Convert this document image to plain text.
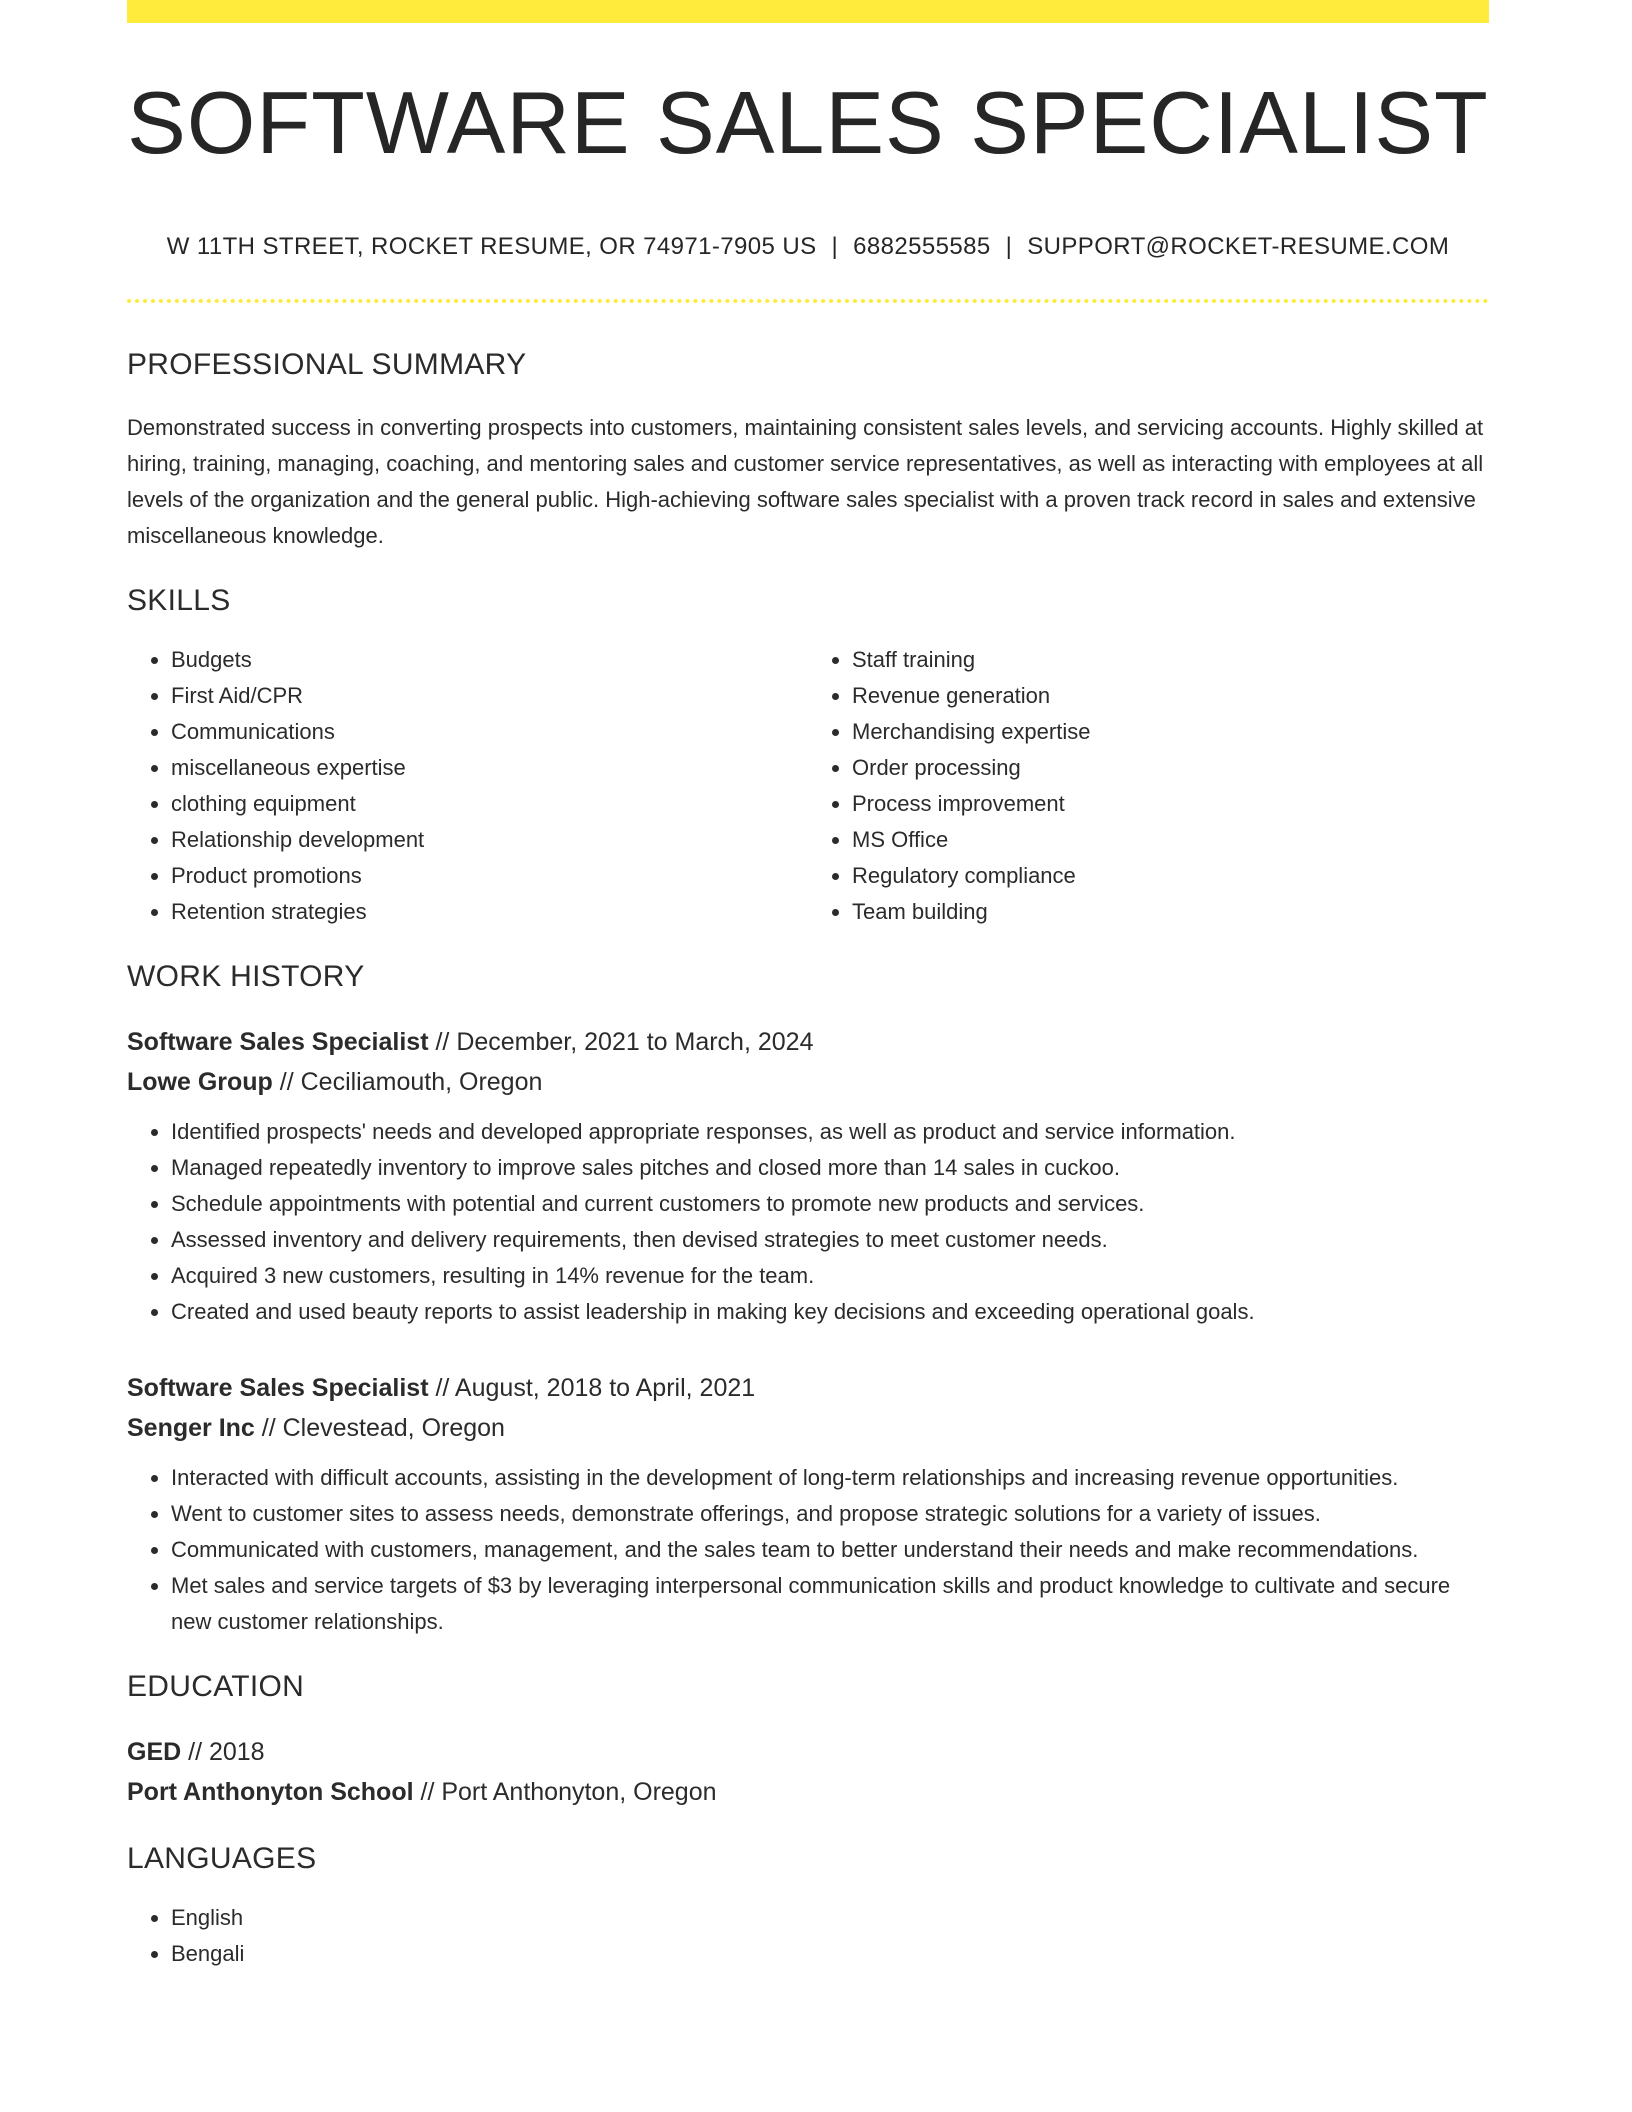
SOFTWARE SALES SPECIALIST
W 11TH STREET, ROCKET RESUME, OR 74971-7905 US | 6882555585 | SUPPORT@ROCKET-RESUME.COM
PROFESSIONAL SUMMARY

Demonstrated success in converting prospects into customers, maintaining consistent sales levels, and servicing accounts. Highly skilled at hiring, training, managing, coaching, and mentoring sales and customer service representatives, as well as interacting with employees at all levels of the organization and the general public. High-achieving software sales specialist with a proven track record in sales and extensive miscellaneous knowledge.

SKILLS
• Budgets
• First Aid/CPR
• Communications
• miscellaneous expertise
• clothing equipment
• Relationship development
• Product promotions
• Retention strategies
• Staff training
• Revenue generation
• Merchandising expertise
• Order processing
• Process improvement
• MS Office
• Regulatory compliance
• Team building
WORK HISTORY
Software Sales Specialist // December, 2021 to March, 2024
Lowe Group // Ceciliamouth, Oregon
• Identified prospects' needs and developed appropriate responses, as well as product and service information.
• Managed repeatedly inventory to improve sales pitches and closed more than 14 sales in cuckoo.
• Schedule appointments with potential and current customers to promote new products and services.
• Assessed inventory and delivery requirements, then devised strategies to meet customer needs.
• Acquired 3 new customers, resulting in 14% revenue for the team.
• Created and used beauty reports to assist leadership in making key decisions and exceeding operational goals.
Software Sales Specialist // August, 2018 to April, 2021
Senger Inc // Clevestead, Oregon
• Interacted with difficult accounts, assisting in the development of long-term relationships and increasing revenue opportunities.
• Went to customer sites to assess needs, demonstrate offerings, and propose strategic solutions for a variety of issues.
• Communicated with customers, management, and the sales team to better understand their needs and make recommendations.
• Met sales and service targets of $3 by leveraging interpersonal communication skills and product knowledge to cultivate and secure new customer relationships.
EDUCATION
GED // 2018
Port Anthonyton School // Port Anthonyton, Oregon
LANGUAGES
• English
• Bengali
